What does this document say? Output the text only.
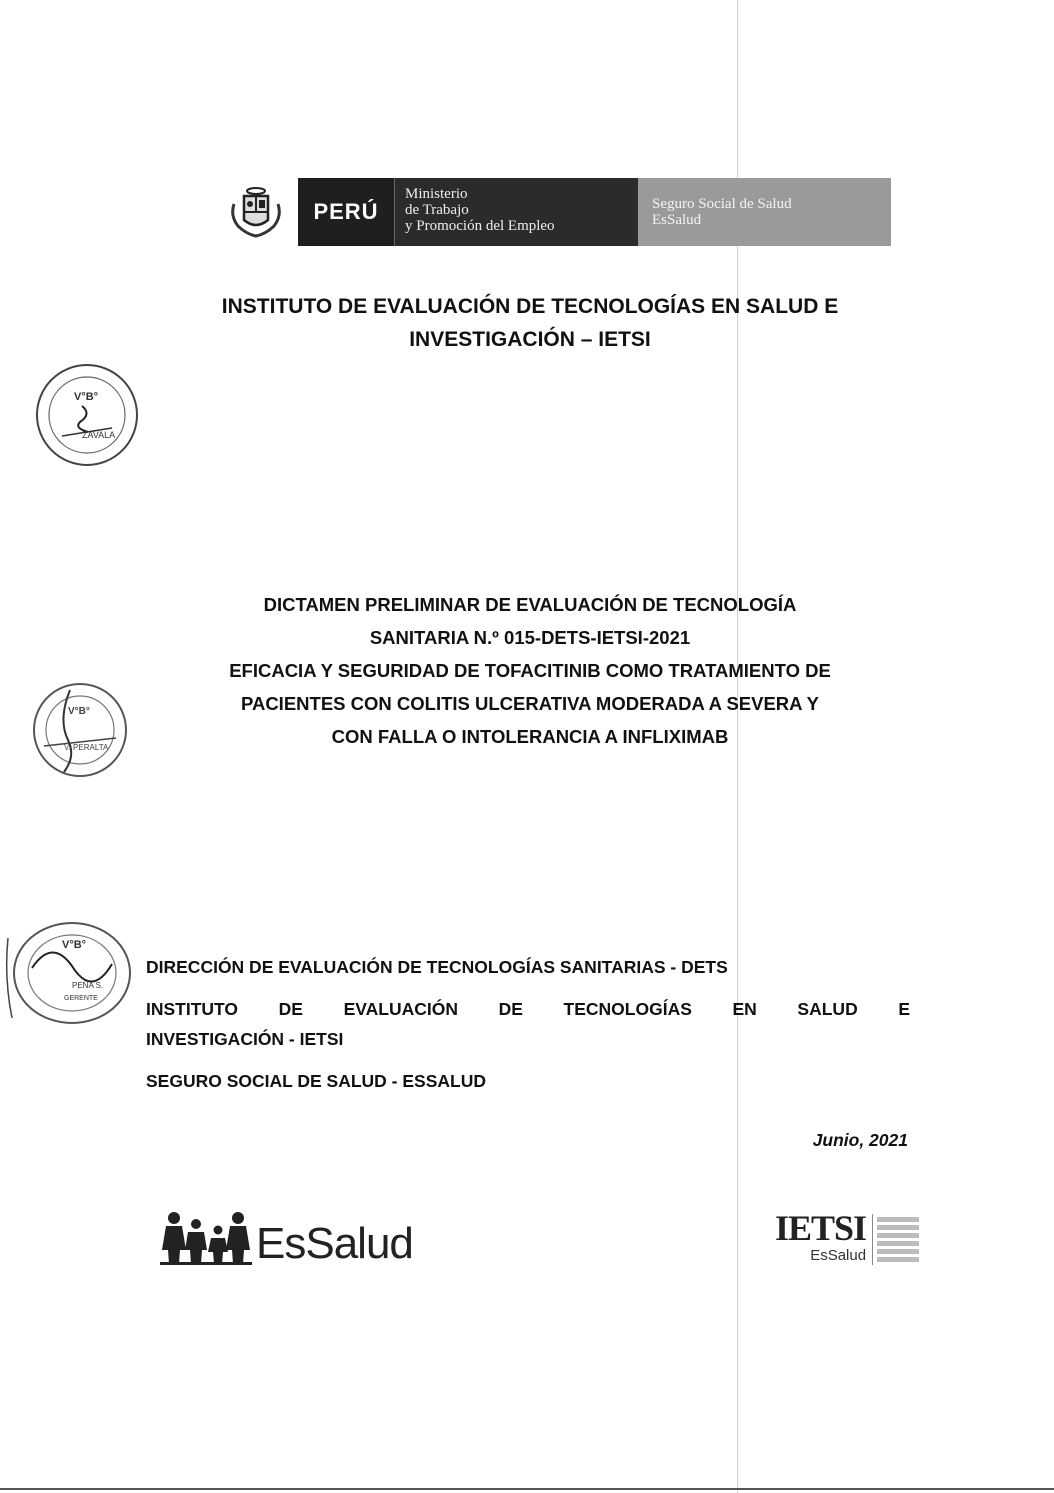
PERÚ
Ministerio
de Trabajo
y Promoción del Empleo
Seguro Social de Salud
EsSalud
INSTITUTO DE EVALUACIÓN DE TECNOLOGÍAS EN SALUD E
INVESTIGACIÓN – IETSI
V°B°
ZAVALA
V°B°
V. PERALTA
V°B°
PEÑA S.
GERENTE
DICTAMEN PRELIMINAR DE EVALUACIÓN DE TECNOLOGÍA
SANITARIA N.º 015-DETS-IETSI-2021
EFICACIA Y SEGURIDAD DE TOFACITINIB COMO TRATAMIENTO DE
PACIENTES CON COLITIS ULCERATIVA MODERADA A SEVERA Y
CON FALLA O INTOLERANCIA A INFLIXIMAB
DIRECCIÓN DE EVALUACIÓN DE TECNOLOGÍAS SANITARIAS - DETS
INSTITUTO DE EVALUACIÓN DE TECNOLOGÍAS EN SALUD E
INVESTIGACIÓN - IETSI
SEGURO SOCIAL DE SALUD - ESSALUD
Junio, 2021
EsSalud	IETSI
EsSalud
